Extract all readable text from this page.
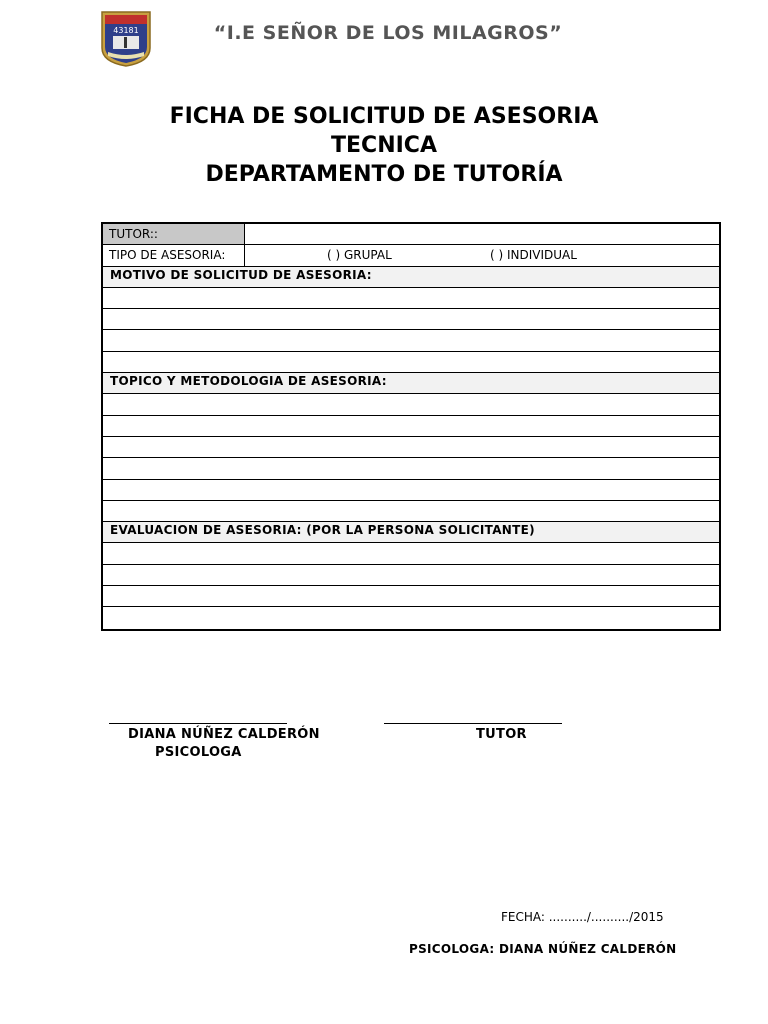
43181	“I.E SEÑOR DE LOS MILAGROS”
FICHA DE SOLICITUD DE ASESORIA
TECNICA
DEPARTAMENTO DE TUTORÍA
TUTOR::
TIPO DE ASESORIA:	( ) GRUPAL	( ) INDIVIDUAL
MOTIVO DE SOLICITUD DE ASESORIA:
TOPICO Y METODOLOGIA DE ASESORIA:
EVALUACION DE ASESORIA: (POR LA PERSONA SOLICITANTE)
DIANA NÚÑEZ CALDERÓN
PSICOLOGA
TUTOR
FECHA: ........../........../2015
PSICOLOGA: DIANA NÚÑEZ CALDERÓN
